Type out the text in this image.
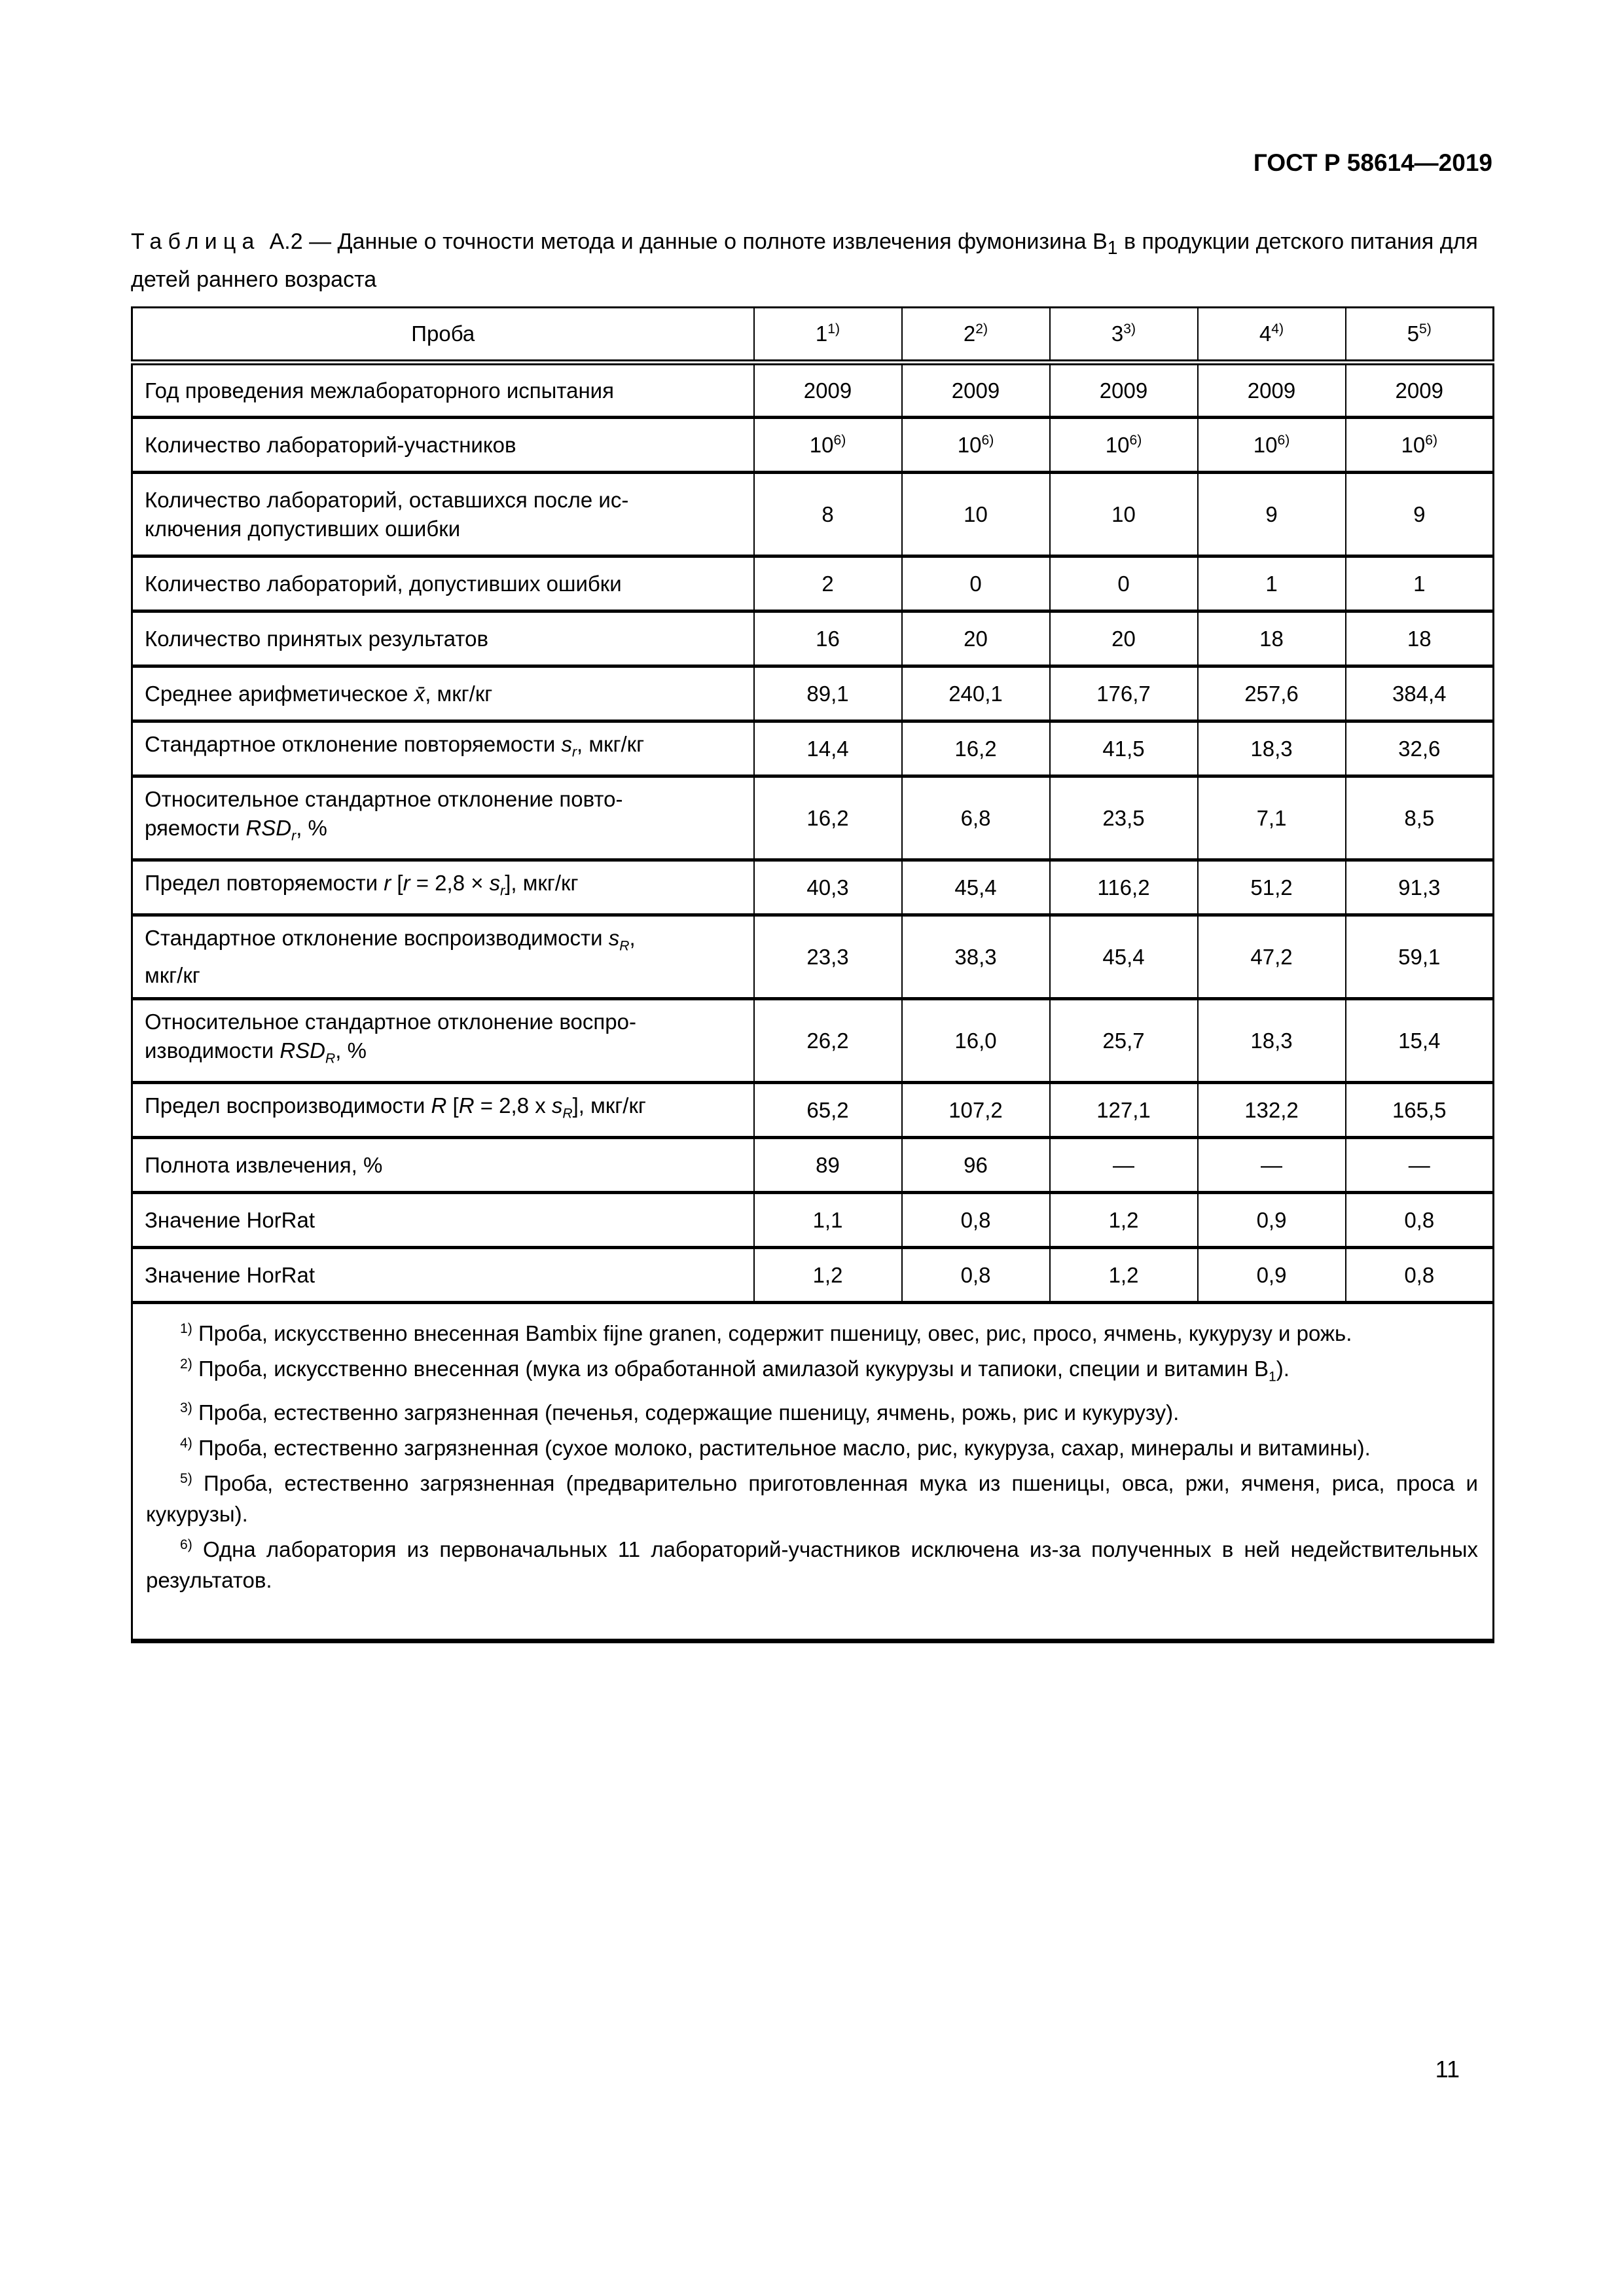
ГОСТ Р 58614—2019

Таблица А.2 — Данные о точности метода и данные о полноте извлечения фумонизина $В_1$ в продукции детского питания для детей раннего возраста

Проба	1$^{1)}$	2$^{2)}$	3$^{3)}$	4$^{4)}$	5$^{5)}$
Год проведения межлабораторного испытания	2009	2009	2009	2009	2009
Количество лабораторий-участников	10$^{6)}$	10$^{6)}$	10$^{6)}$	10$^{6)}$	10$^{6)}$
Количество лабораторий, оставшихся после ис-
ключения допустивших ошибки	8	10	10	9	9
Количество лабораторий, допустивших ошибки	2	0	0	1	1
Количество принятых результатов	16	20	20	18	18
Среднее арифметическое x̄, мкг/кг	89,1	240,1	176,7	257,6	384,4
Стандартное отклонение повторяемости $s_r$, мкг/кг	14,4	16,2	41,5	18,3	32,6
Относительное стандартное отклонение повто-
ряемости $RSD_r$, %	16,2	6,8	23,5	7,1	8,5
Предел повторяемости r $[r = 2,8 \times s_r]$, мкг/кг	40,3	45,4	116,2	51,2	91,3
Стандартное отклонение воспроизводимости $s_R$,
мкг/кг	23,3	38,3	45,4	47,2	59,1
Относительное стандартное отклонение воспро-
изводимости $RSD_R$, %	26,2	16,0	25,7	18,3	15,4
Предел воспроизводимости R [R = 2,8 x $s_R$], мкг/кг	65,2	107,2	127,1	132,2	165,5
Полнота извлечения, %	89	96	—	—	—
Значение HorRat	1,1	0,8	1,2	0,9	0,8
Значение HorRat	1,2	0,8	1,2	0,9	0,8

$^{1)}$ Проба, искусственно внесенная Bambix fijne granen, содержит пшеницу, овес, рис, просо, ячмень, кукурузу и рожь.
$^{2)}$ Проба, искусственно внесенная (мука из обработанной амилазой кукурузы и тапиоки, специи и витамин $В_1$).
$^{3)}$ Проба, естественно загрязненная (печенья, содержащие пшеницу, ячмень, рожь, рис и кукурузу).
$^{4)}$ Проба, естественно загрязненная (сухое молоко, растительное масло, рис, кукуруза, сахар, минералы и витамины).
$^{5)}$ Проба, естественно загрязненная (предварительно приготовленная мука из пшеницы, овса, ржи, ячменя, риса, проса и кукурузы).
$^{6)}$ Одна лаборатория из первоначальных 11 лабораторий-участников исключена из-за полученных в ней недействительных результатов.
11
